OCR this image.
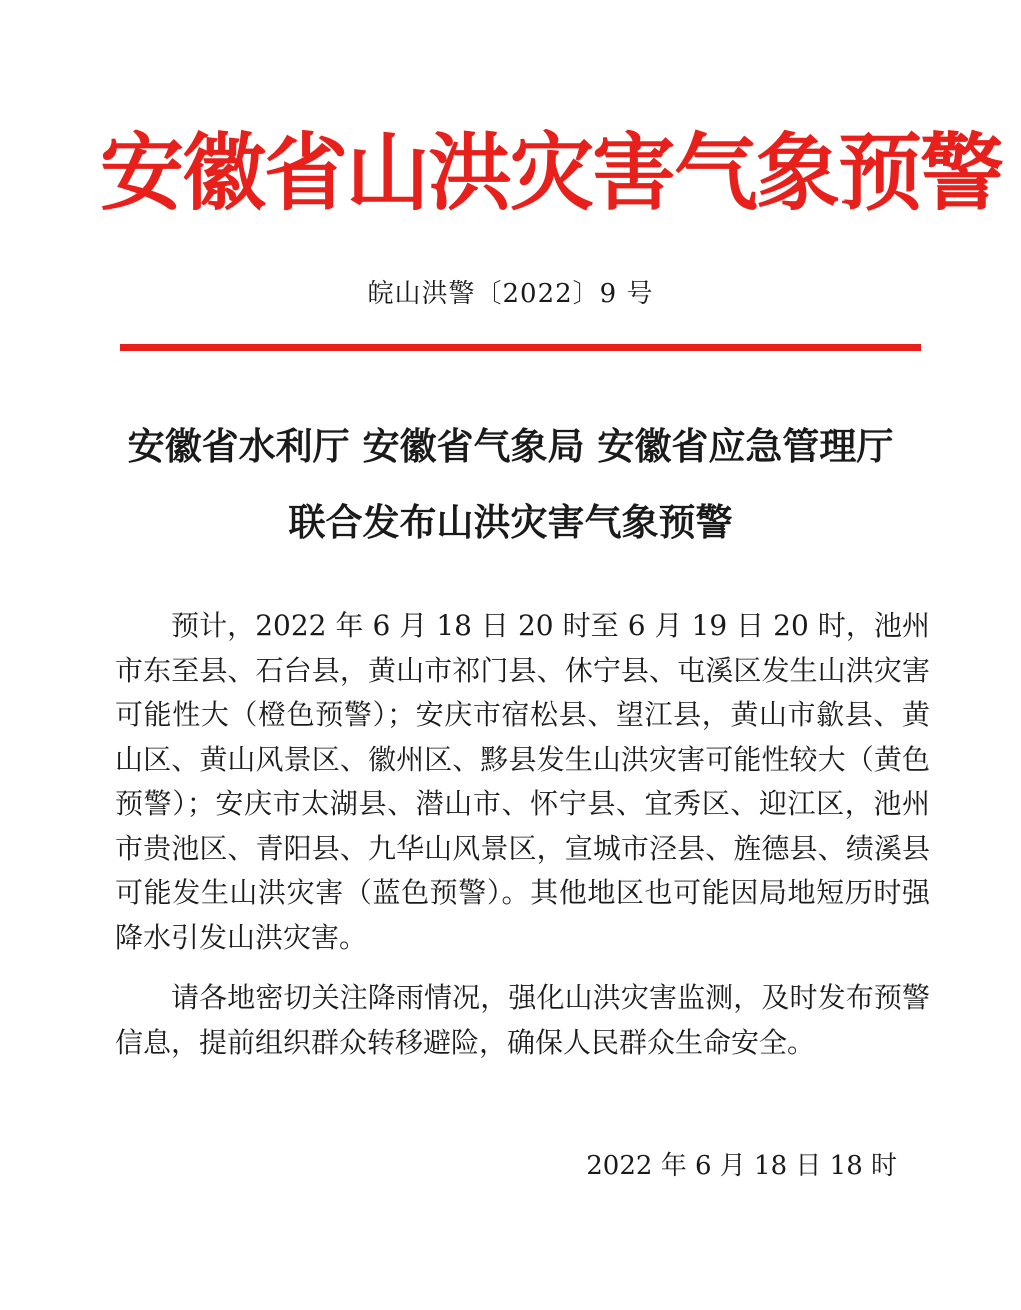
安徽省山洪灾害气象预警
皖山洪警〔2022〕9 号
安徽省水利厅 安徽省气象局 安徽省应急管理厅
联合发布山洪灾害气象预警

预计，2022 年 6 月 18 日 20 时至 6 月 19 日 20 时，池州市东至县、石台县，黄山市祁门县、休宁县、屯溪区发生山洪灾害可能性大（橙色预警）；安庆市宿松县、望江县，黄山市歙县、黄山区、黄山风景区、徽州区、黟县发生山洪灾害可能性较大（黄色预警）；安庆市太湖县、潜山市、怀宁县、宜秀区、迎江区，池州市贵池区、青阳县、九华山风景区，宣城市泾县、旌德县、绩溪县可能发生山洪灾害（蓝色预警）。其他地区也可能因局地短历时强降水引发山洪灾害。

请各地密切关注降雨情况，强化山洪灾害监测，及时发布预警信息，提前组织群众转移避险，确保人民群众生命安全。

2022 年 6 月 18 日 18 时
